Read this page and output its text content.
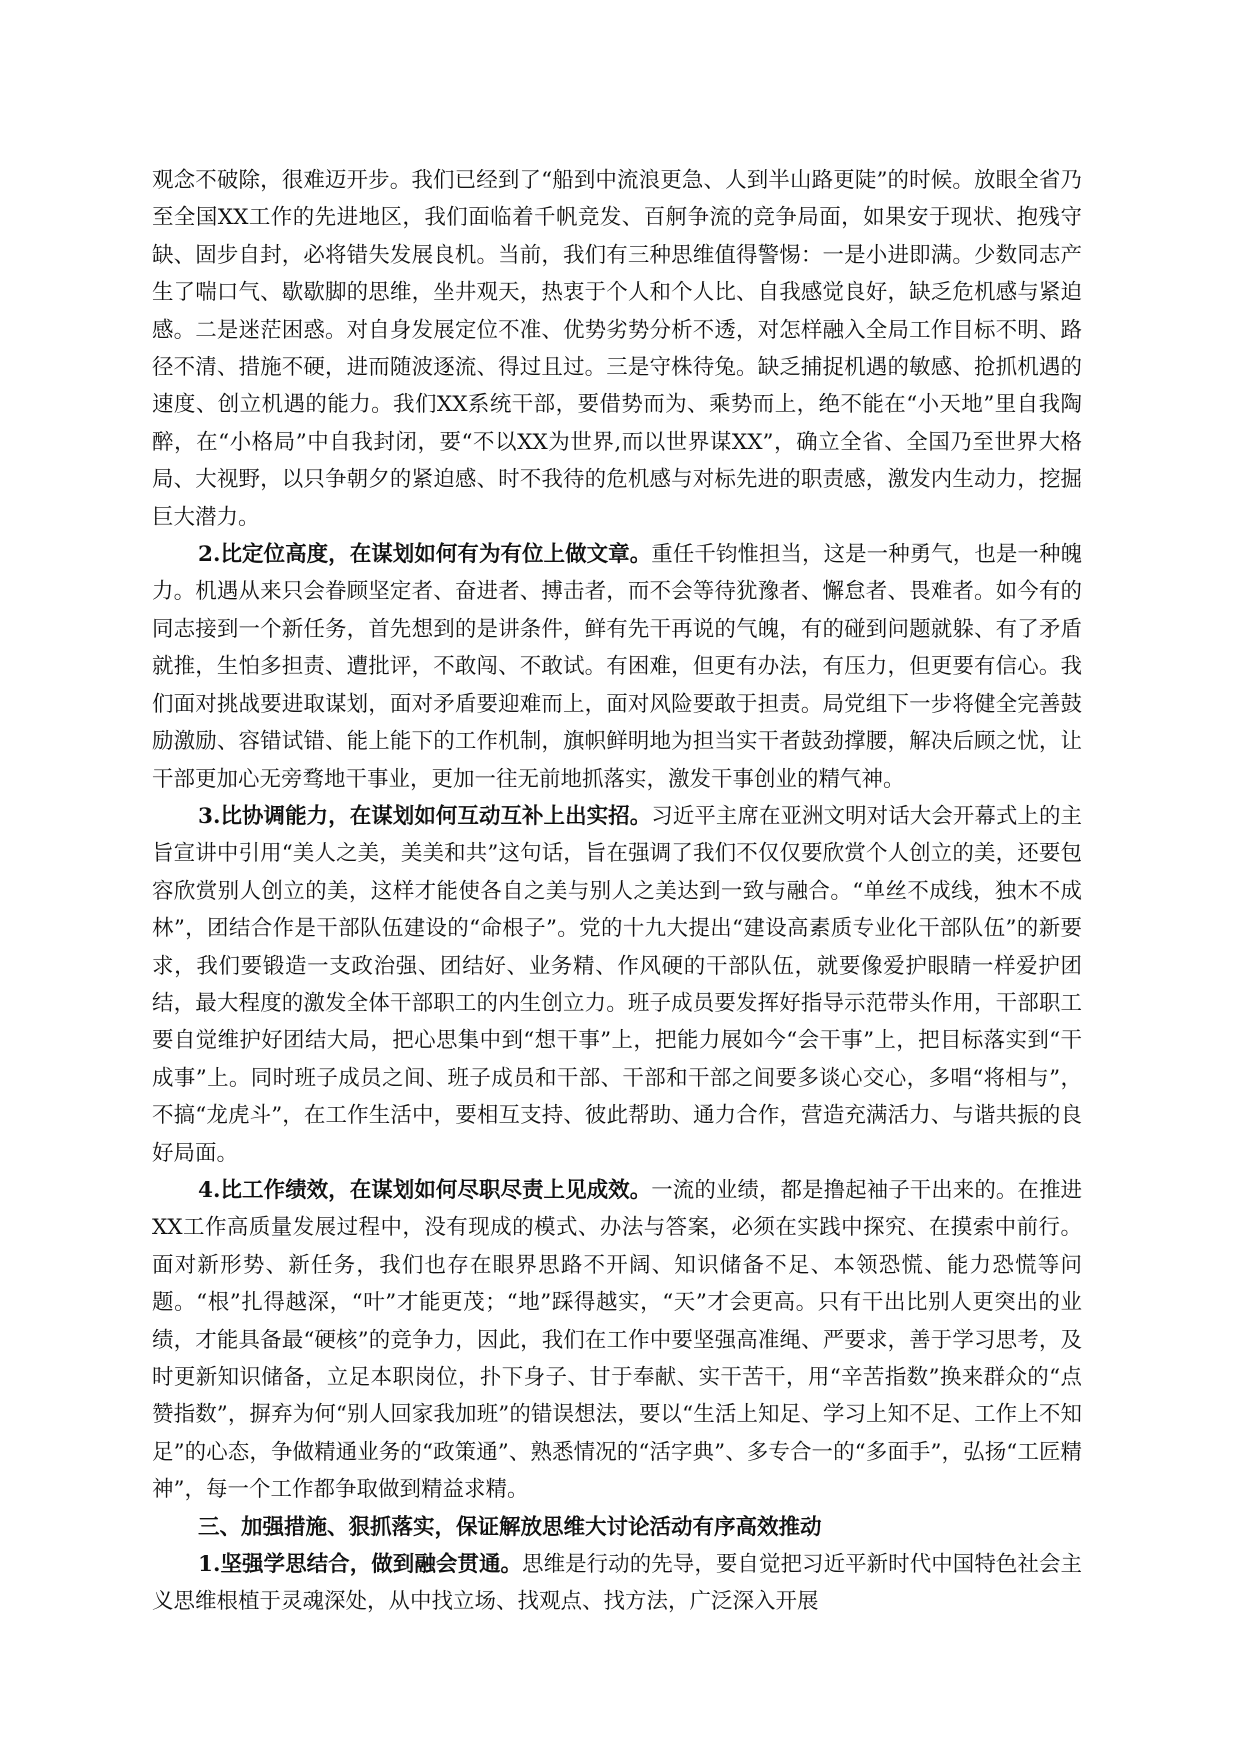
观念不破除，很难迈开步。我们已经到了“船到中流浪更急、人到半山路更陡”的时候。放眼全省乃至全国XX工作的先进地区，我们面临着千帆竞发、百舸争流的竞争局面，如果安于现状、抱残守缺、固步自封，必将错失发展良机。当前，我们有三种思维值得警惕：一是小进即满。少数同志产生了喘口气、歇歇脚的思维，坐井观天，热衷于个人和个人比、自我感觉良好，缺乏危机感与紧迫感。二是迷茫困惑。对自身发展定位不准、优势劣势分析不透，对怎样融入全局工作目标不明、路径不清、措施不硬，进而随波逐流、得过且过。三是守株待兔。缺乏捕捉机遇的敏感、抢抓机遇的速度、创立机遇的能力。我们XX系统干部，要借势而为、乘势而上，绝不能在“小天地”里自我陶醉，在“小格局”中自我封闭，要“不以XX为世界,而以世界谋XX”，确立全省、全国乃至世界大格局、大视野，以只争朝夕的紧迫感、时不我待的危机感与对标先进的职责感，激发内生动力，挖掘巨大潜力。

2.比定位高度，在谋划如何有为有位上做文章。重任千钧惟担当，这是一种勇气，也是一种魄力。机遇从来只会眷顾坚定者、奋进者、搏击者，而不会等待犹豫者、懈怠者、畏难者。如今有的同志接到一个新任务，首先想到的是讲条件，鲜有先干再说的气魄，有的碰到问题就躲、有了矛盾就推，生怕多担责、遭批评，不敢闯、不敢试。有困难，但更有办法，有压力，但更要有信心。我们面对挑战要进取谋划，面对矛盾要迎难而上，面对风险要敢于担责。局党组下一步将健全完善鼓励激励、容错试错、能上能下的工作机制，旗帜鲜明地为担当实干者鼓劲撑腰，解决后顾之忧，让干部更加心无旁骛地干事业，更加一往无前地抓落实，激发干事创业的精气神。

3.比协调能力，在谋划如何互动互补上出实招。习近平主席在亚洲文明对话大会开幕式上的主旨宣讲中引用“美人之美，美美和共”这句话，旨在强调了我们不仅仅要欣赏个人创立的美，还要包容欣赏别人创立的美，这样才能使各自之美与别人之美达到一致与融合。“单丝不成线，独木不成林”，团结合作是干部队伍建设的“命根子”。党的十九大提出“建设高素质专业化干部队伍”的新要求，我们要锻造一支政治强、团结好、业务精、作风硬的干部队伍，就要像爱护眼睛一样爱护团结，最大程度的激发全体干部职工的内生创立力。班子成员要发挥好指导示范带头作用，干部职工要自觉维护好团结大局，把心思集中到“想干事”上，把能力展如今“会干事”上，把目标落实到“干成事”上。同时班子成员之间、班子成员和干部、干部和干部之间要多谈心交心，多唱“将相与”，不搞“龙虎斗”，在工作生活中，要相互支持、彼此帮助、通力合作，营造充满活力、与谐共振的良好局面。

4.比工作绩效，在谋划如何尽职尽责上见成效。一流的业绩，都是撸起袖子干出来的。在推进XX工作高质量发展过程中，没有现成的模式、办法与答案，必须在实践中探究、在摸索中前行。面对新形势、新任务，我们也存在眼界思路不开阔、知识储备不足、本领恐慌、能力恐慌等问题。“根”扎得越深，“叶”才能更茂；“地”踩得越实，“天”才会更高。只有干出比别人更突出的业绩，才能具备最“硬核”的竞争力，因此，我们在工作中要坚强高准绳、严要求，善于学习思考，及时更新知识储备，立足本职岗位，扑下身子、甘于奉献、实干苦干，用“辛苦指数”换来群众的“点赞指数”，摒弃为何“别人回家我加班”的错误想法，要以“生活上知足、学习上知不足、工作上不知足”的心态，争做精通业务的“政策通”、熟悉情况的“活字典”、多专合一的“多面手”，弘扬“工匠精神”，每一个工作都争取做到精益求精。

三、加强措施、狠抓落实，保证解放思维大讨论活动有序高效推动

1.坚强学思结合，做到融会贯通。思维是行动的先导，要自觉把习近平新时代中国特色社会主义思维根植于灵魂深处，从中找立场、找观点、找方法，广泛深入开展
